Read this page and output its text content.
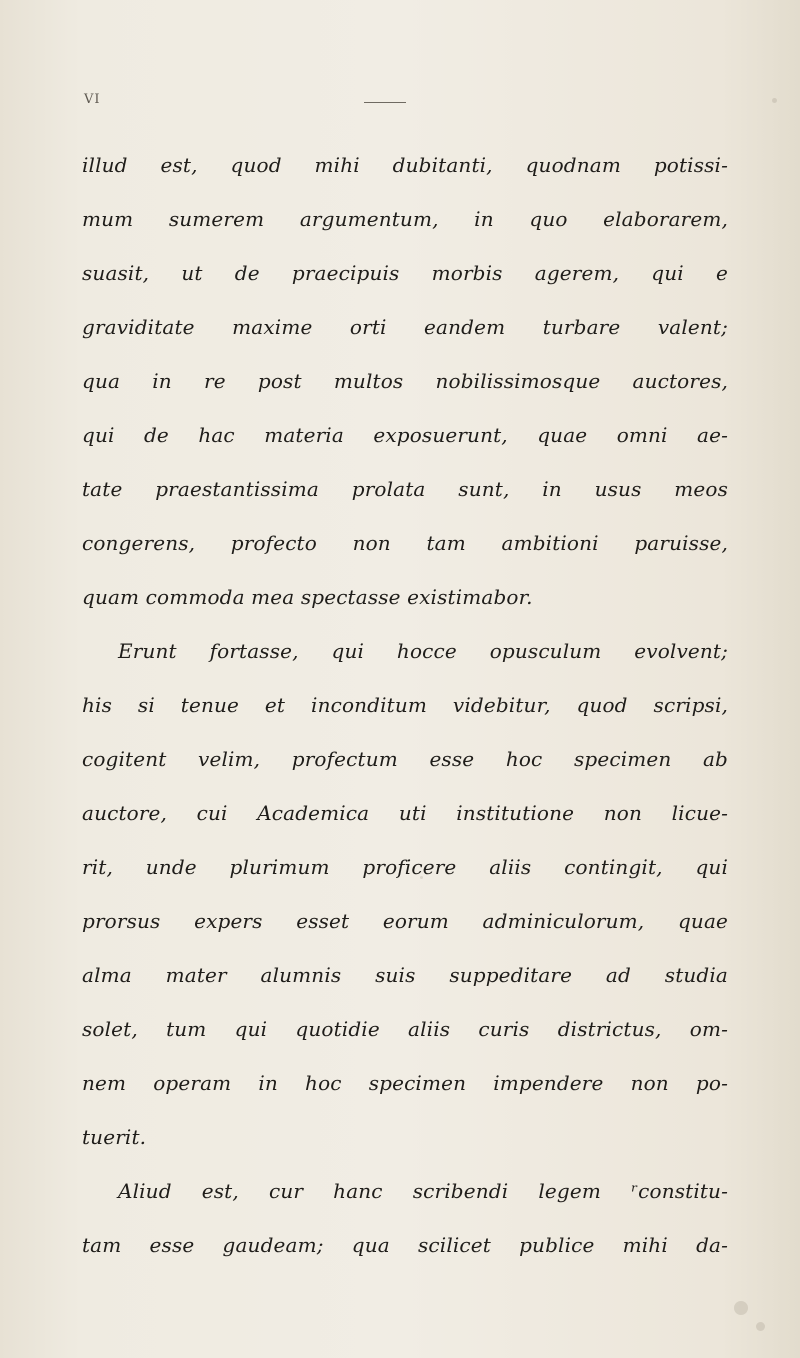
VI
illud est, quod mihi dubitanti, quodnam potissi-
mum sumerem argumentum, in quo elaborarem,
suasit, ut de praecipuis morbis agerem, qui e
graviditate maxime orti eandem turbare valent;
qua in re post multos nobilissimosque auctores,
qui de hac materia exposuerunt, quae omni ae-
tate praestantissima prolata sunt, in usus meos
congerens, profecto non tam ambitioni paruisse,
quam commoda mea spectasse existimabor.
Erunt fortasse, qui hocce opusculum evolvent;
his si tenue et inconditum videbitur, quod scripsi,
cogitent velim, profectum esse hoc specimen ab
auctore, cui Academica uti institutione non licue-
rit, unde plurimum proficere aliis contingit, qui
prorsus expers esset eorum adminiculorum, quae
alma mater alumnis suis suppeditare ad studia
solet, tum qui quotidie aliis curis districtus, om-
nem operam in hoc specimen impendere non po-
tuerit.
Aliud est, cur hanc scribendi legem ʳconstitu-
tam esse gaudeam; qua scilicet publice mihi da-
